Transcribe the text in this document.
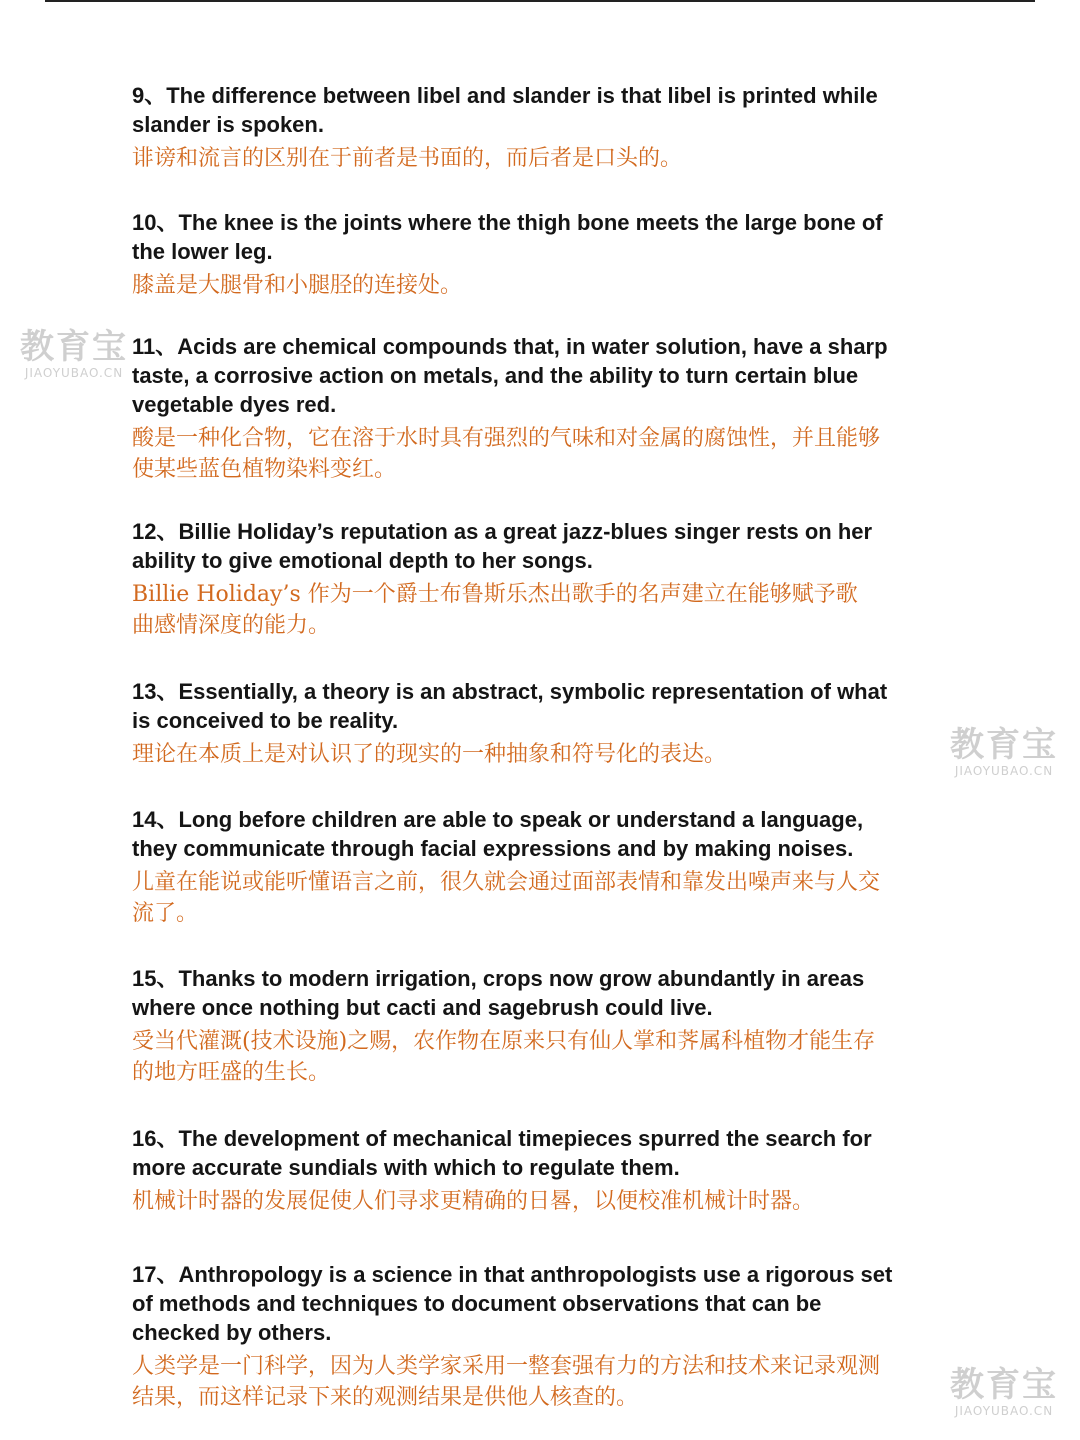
9、The difference between libel and slander is that libel is printed while
slander is spoken.

诽谤和流言的区别在于前者是书面的，而后者是口头的。

10、The knee is the joints where the thigh bone meets the large bone of
the lower leg.

膝盖是大腿骨和小腿胫的连接处。

11、Acids are chemical compounds that, in water solution, have a sharp
taste, a corrosive action on metals, and the ability to turn certain blue
vegetable dyes red.

酸是一种化合物，它在溶于水时具有强烈的气味和对金属的腐蚀性，并且能够
使某些蓝色植物染料变红。

12、Billie Holiday’s reputation as a great jazz-blues singer rests on her
ability to give emotional depth to her songs.

Billie Holiday’s 作为一个爵士布鲁斯乐杰出歌手的名声建立在能够赋予歌
曲感情深度的能力。

13、Essentially, a theory is an abstract, symbolic representation of what
is conceived to be reality.

理论在本质上是对认识了的现实的一种抽象和符号化的表达。

14、Long before children are able to speak or understand a language,
they communicate through facial expressions and by making noises.

儿童在能说或能听懂语言之前，很久就会通过面部表情和靠发出噪声来与人交
流了。

15、Thanks to modern irrigation, crops now grow abundantly in areas
where once nothing but cacti and sagebrush could live.

受当代灌溉(技术设施)之赐，农作物在原来只有仙人掌和荠属科植物才能生存
的地方旺盛的生长。

16、The development of mechanical timepieces spurred the search for
more accurate sundials with which to regulate them.

机械计时器的发展促使人们寻求更精确的日晷，以便校准机械计时器。

17、Anthropology is a science in that anthropologists use a rigorous set
of methods and techniques to document observations that can be
checked by others.

人类学是一门科学，因为人类学家采用一整套强有力的方法和技术来记录观测
结果，而这样记录下来的观测结果是供他人核查的。

教育宝
JIAOYUBAO.CN
教育宝
JIAOYUBAO.CN
教育宝
JIAOYUBAO.CN
